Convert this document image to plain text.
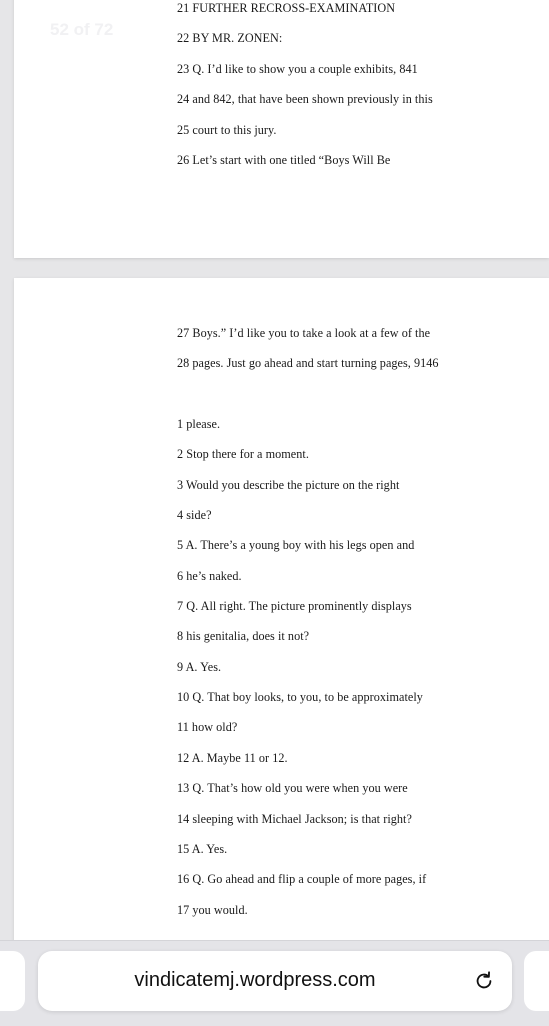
52 of 72
21 FURTHER RECROSS-EXAMINATION
22 BY MR. ZONEN:
23 Q. I’d like to show you a couple exhibits, 841
24 and 842, that have been shown previously in this
25 court to this jury.
26 Let’s start with one titled “Boys Will Be
27 Boys.” I’d like you to take a look at a few of the
28 pages. Just go ahead and start turning pages, 9146
1 please.
2 Stop there for a moment.
3 Would you describe the picture on the right
4 side?
5 A. There’s a young boy with his legs open and
6 he’s naked.
7 Q. All right. The picture prominently displays
8 his genitalia, does it not?
9 A. Yes.
10 Q. That boy looks, to you, to be approximately
11 how old?
12 A. Maybe 11 or 12.
13 Q. That’s how old you were when you were
14 sleeping with Michael Jackson; is that right?
15 A. Yes.
16 Q. Go ahead and flip a couple of more pages, if
17 you would.
vindicatemj.wordpress.com
